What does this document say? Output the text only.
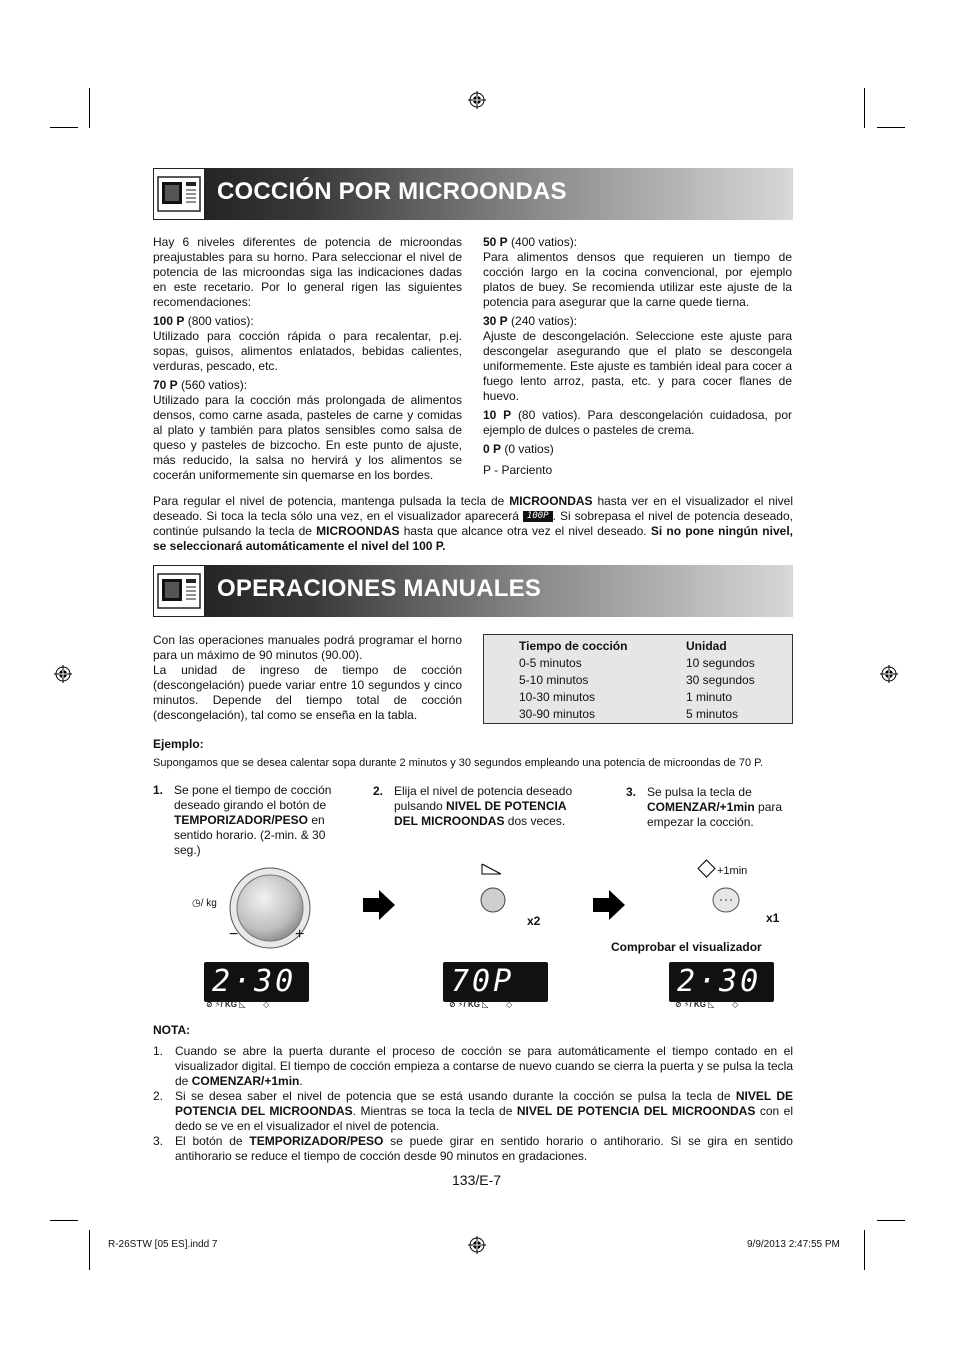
COCCIÓN POR MICROONDAS

Hay 6 niveles diferentes de potencia de microondas preajustables para su horno. Para seleccionar el nivel de potencia de las microondas siga las indicaciones dadas en este recetario. Por lo general rigen las siguientes recomendaciones:

100 P (800 vatios):

Utilizado para cocción rápida o para recalentar, p.ej. sopas, guisos, alimentos enlatados, bebidas calientes, verduras, pescado, etc.

70 P (560 vatios):

Utilizado para la cocción más prolongada de alimentos densos, como carne asada, pasteles de carne y comidas al plato y también para platos sensibles como salsa de queso y pasteles de bizcocho. En este punto de ajuste, más reducido, la salsa no hervirá y los alimentos se cocerán uniformemente sin quemarse en los bordes.

50 P (400 vatios):

Para alimentos densos que requieren un tiempo de cocción largo en la cocina convencional, por ejemplo platos de buey. Se recomienda utilizar este ajuste de la potencia para asegurar que la carne quede tierna.

30 P (240 vatios):

Ajuste de descongelación. Seleccione este ajuste para descongelar asegurando que el plato se descongela uniformemente. Este ajuste es también ideal para cocer a fuego lento arroz, pasta, etc. y para cocer flanes de huevo.

10 P (80 vatios). Para descongelación cuidadosa, por ejemplo de dulces o pasteles de crema.

0 P (0 vatios)

P - Parciento

Para regular el nivel de potencia, mantenga pulsada la tecla de MICROONDAS hasta ver en el visualizador el nivel deseado. Si toca la tecla sólo una vez, en el visualizador aparecerá 100P . Si sobrepasa el nivel de potencia deseado, continúe pulsando la tecla de MICROONDAS hasta que alcance otra vez el nivel deseado. Si no pone ningún nivel, se seleccionará automáticamente el nivel del 100 P.
OPERACIONES MANUALES

Con las operaciones manuales podrá programar el horno para un máximo de 90 minutos (90.00).

La unidad de ingreso de tiempo de cocción (descongelación) puede variar entre 10 segundos y cinco minutos. Depende del tiempo total de cocción (descongelación), tal como se enseña en la tabla.

Tiempo de cocción	Unidad
0-5 minutos	10 segundos
5-10 minutos	30 segundos
10-30 minutos	1 minuto
30-90 minutos	5 minutos
Ejemplo:
Supongamos que se desea calentar sopa durante 2 minutos y 30 segundos empleando una potencia de microondas de 70 P.
1. Se pone el tiempo de cocción deseado girando el botón de TEMPORIZADOR/PESO en sentido horario. (2-min. & 30 seg.)
2. Elija el nivel de potencia deseado pulsando NIVEL DE POTENCIA DEL MICROONDAS dos veces.
3. Se pulsa la tecla de COMENZAR/+1min para empezar la cocción.
◷/ kg
−	+
x2
+1min
x1
Comprobar el visualizador
2·30
⊘ ⚡/ KG ◺        ◇
70P
⊘ ⚡/ KG ◺        ◇
2·30
⊘ ⚡/ KG ◺        ◇
NOTA:
1. Cuando se abre la puerta durante el proceso de cocción se para automáticamente el tiempo contado en el visualizador digital. El tiempo de cocción empieza a contarse de nuevo cuando se cierra la puerta y se pulsa la tecla de COMENZAR/+1min.
2. Si se desea saber el nivel de potencia que se está usando durante la cocción se pulsa la tecla de NIVEL DE POTENCIA DEL MICROONDAS. Mientras se toca la tecla de NIVEL DE POTENCIA DEL MICROONDAS con el dedo se ve en el visualizador el nivel de potencia.
3. El botón de TEMPORIZADOR/PESO se puede girar en sentido horario o antihorario. Si se gira en sentido antihorario se reduce el tiempo de cocción desde 90 minutos en gradaciones.
133/E-7
R-26STW [05 ES].indd 7	9/9/2013 2:47:55 PM
